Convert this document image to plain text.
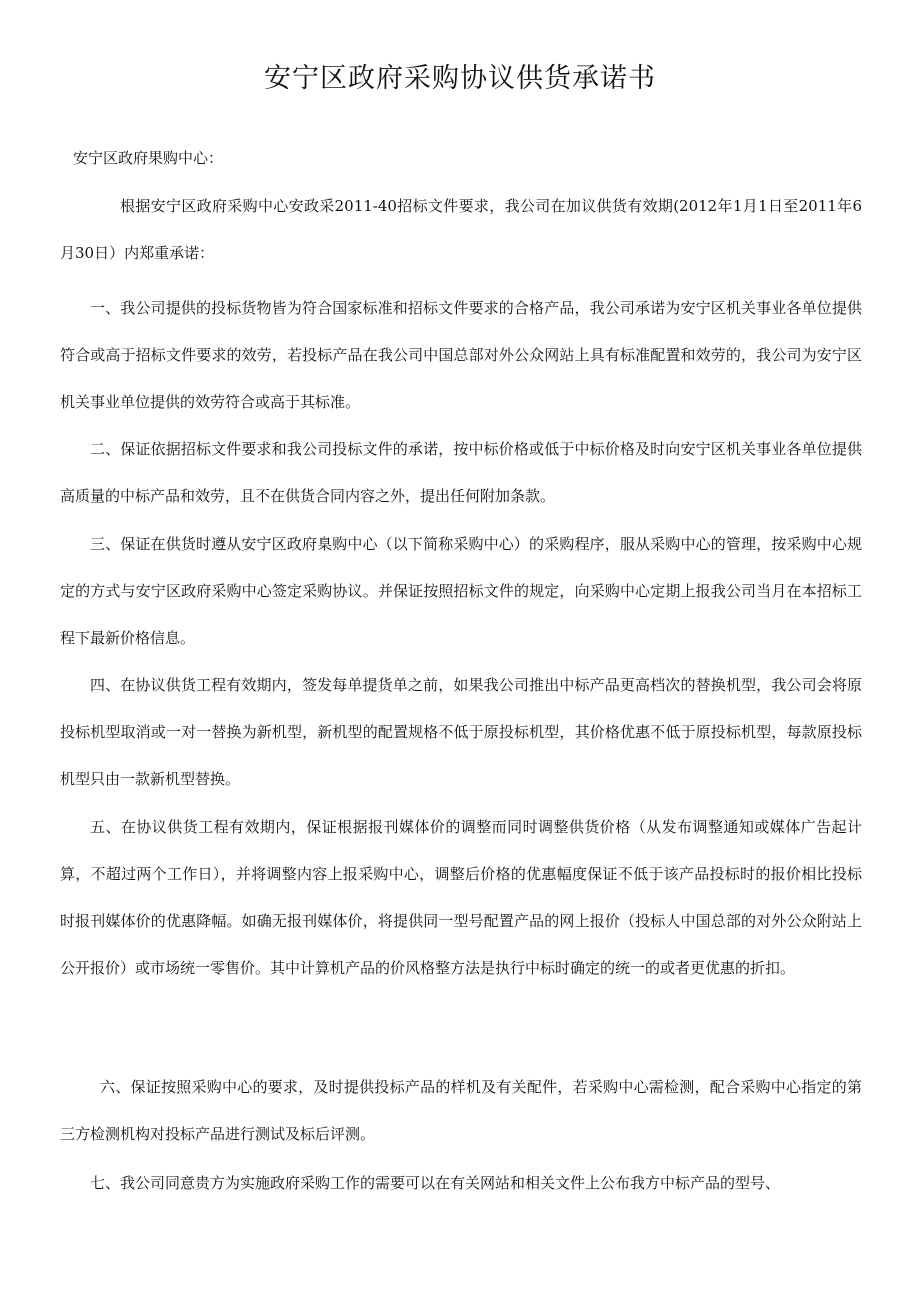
安宁区政府采购协议供货承诺书

安宁区政府果购中心：

根据安宁区政府采购中心安政采2011-40招标文件要求，我公司在加议供货有效期(2012年1月1日至2011年6月30日）内郑重承诺：

一、我公司提供的投标货物皆为符合国家标准和招标文件要求的合格产品，我公司承诺为安宁区机关事业各单位提供符合或高于招标文件要求的效劳，若投标产品在我公司中国总部对外公众网站上具有标准配置和效劳的，我公司为安宁区机关事业单位提供的效劳符合或高于其标准。

二、保证依据招标文件要求和我公司投标文件的承诺，按中标价格或低于中标价格及时向安宁区机关事业各单位提供高质量的中标产品和效劳，且不在供货合同内容之外，提出任何附加条款。

三、保证在供货时遵从安宁区政府臬购中心（以下简称采购中心）的采购程序，服从采购中心的管理，按采购中心规定的方式与安宁区政府采购中心签定采购协议。并保证按照招标文件的规定，向采购中心定期上报我公司当月在本招标工程下最新价格信息。

四、在协议供货工程有效期内，签发每单提货单之前，如果我公司推出中标产品更高档次的替换机型，我公司会将原投标机型取消或一对一替换为新机型，新机型的配置规格不低于原投标机型，其价格优惠不低于原投标机型，每款原投标机型只由一款新机型替换。

五、在协议供货工程有效期内，保证根据报刊媒体价的调整而同时调整供货价格（从发布调整通知或媒体广告起计算，不超过两个工作日），并将调整内容上报采购中心，调整后价格的优惠幅度保证不低于该产品投标时的报价相比投标时报刊媒体价的优惠降幅。如确无报刊媒体价，将提供同一型号配置产品的网上报价（投标人中国总部的对外公众附站上公开报价）或市场统一零售价。其中计算机产品的价风格整方法是执行中标时确定的统一的或者更优惠的折扣。

六、保证按照采购中心的要求，及时提供投标产品的样机及有关配件，若采购中心需检测，配合采购中心指定的第三方检测机构对投标产品进行测试及标后评测。

七、我公司同意贵方为实施政府采购工作的需要可以在有关网站和相关文件上公布我方中标产品的型号、
